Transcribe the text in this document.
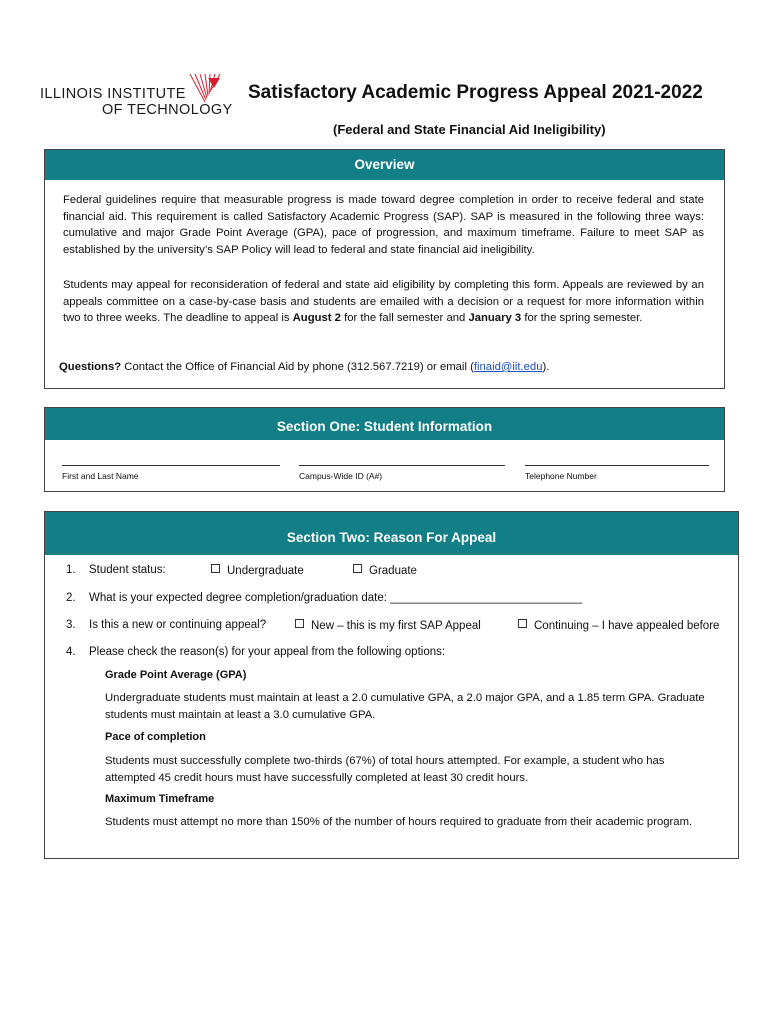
ILLINOIS INSTITUTE
OF TECHNOLOGY
Satisfactory Academic Progress Appeal 2021-2022
(Federal and State Financial Aid Ineligibility)
Overview
Federal guidelines require that measurable progress is made toward degree completion in order to receive federal and state financial aid. This requirement is called Satisfactory Academic Progress (SAP). SAP is measured in the following three ways: cumulative and major Grade Point Average (GPA), pace of progression, and maximum timeframe. Failure to meet SAP as established by the university’s SAP Policy will lead to federal and state financial aid ineligibility.
Students may appeal for reconsideration of federal and state aid eligibility by completing this form. Appeals are reviewed by an appeals committee on a case-by-case basis and students are emailed with a decision or a request for more information within two to three weeks. The deadline to appeal is August 2 for the fall semester and January 3 for the spring semester.
Questions? Contact the Office of Financial Aid by phone (312.567.7219) or email (finaid@iit.edu).
Section One: Student Information
First and Last Name	Campus-Wide ID (A#)	Telephone Number
Section Two: Reason For Appeal
1. Student status:	Undergraduate	Graduate
2. What is your expected degree completion/graduation date: ______________________________
3. Is this a new or continuing appeal?	New – this is my first SAP Appeal	Continuing – I have appealed before
4. Please check the reason(s) for your appeal from the following options:
Grade Point Average (GPA)
Undergraduate students must maintain at least a 2.0 cumulative GPA, a 2.0 major GPA, and a 1.85 term GPA. Graduate students must maintain at least a 3.0 cumulative GPA.
Pace of completion
Students must successfully complete two-thirds (67%) of total hours attempted. For example, a student who has attempted 45 credit hours must have successfully completed at least 30 credit hours.
Maximum Timeframe
Students must attempt no more than 150% of the number of hours required to graduate from their academic program.
